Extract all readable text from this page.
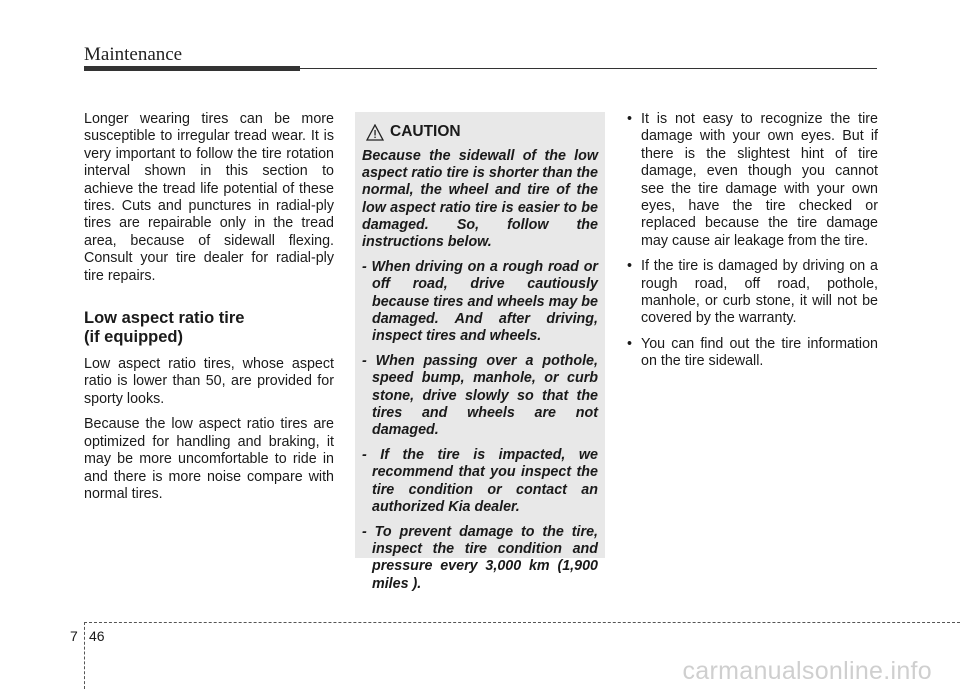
Maintenance

Longer wearing tires can be more susceptible to irregular tread wear. It is very important to follow the tire rotation interval shown in this section to achieve the tread life potential of these tires. Cuts and punctures in radial-ply tires are repairable only in the tread area, because of sidewall flexing. Consult your tire dealer for radial-ply tire repairs.

Low aspect ratio tire
(if equipped)

Low aspect ratio tires, whose aspect ratio is lower than 50, are provided for sporty looks.

Because the low aspect ratio tires are optimized for handling and braking, it may be more uncomfortable to ride in and there is more noise compare with normal tires.

CAUTION

Because the sidewall of the low aspect ratio tire is shorter than the normal, the wheel and tire of the low aspect ratio tire is easier to be damaged. So, follow the instructions below.

- When driving on a rough road or off road, drive cautiously because tires and wheels may be damaged. And after driving, inspect tires and wheels.

- When passing over a pothole, speed bump, manhole, or curb stone, drive slowly so that the tires and wheels are not damaged.

- If the tire is impacted, we recommend that you inspect the tire condition or contact an authorized Kia dealer.

- To prevent damage to the tire, inspect the tire condition and pressure every 3,000 km (1,900 miles ).

• It is not easy to recognize the tire damage with your own eyes. But if there is the slightest hint of tire damage, even though you cannot see the tire damage with your own eyes, have the tire checked or replaced because the tire damage may cause air leakage from the tire.
• If the tire is damaged by driving on a rough road, off road, pothole, manhole, or curb stone, it will not be covered by the warranty.
• You can find out the tire information on the tire sidewall.
7 46
carmanualsonline.info
